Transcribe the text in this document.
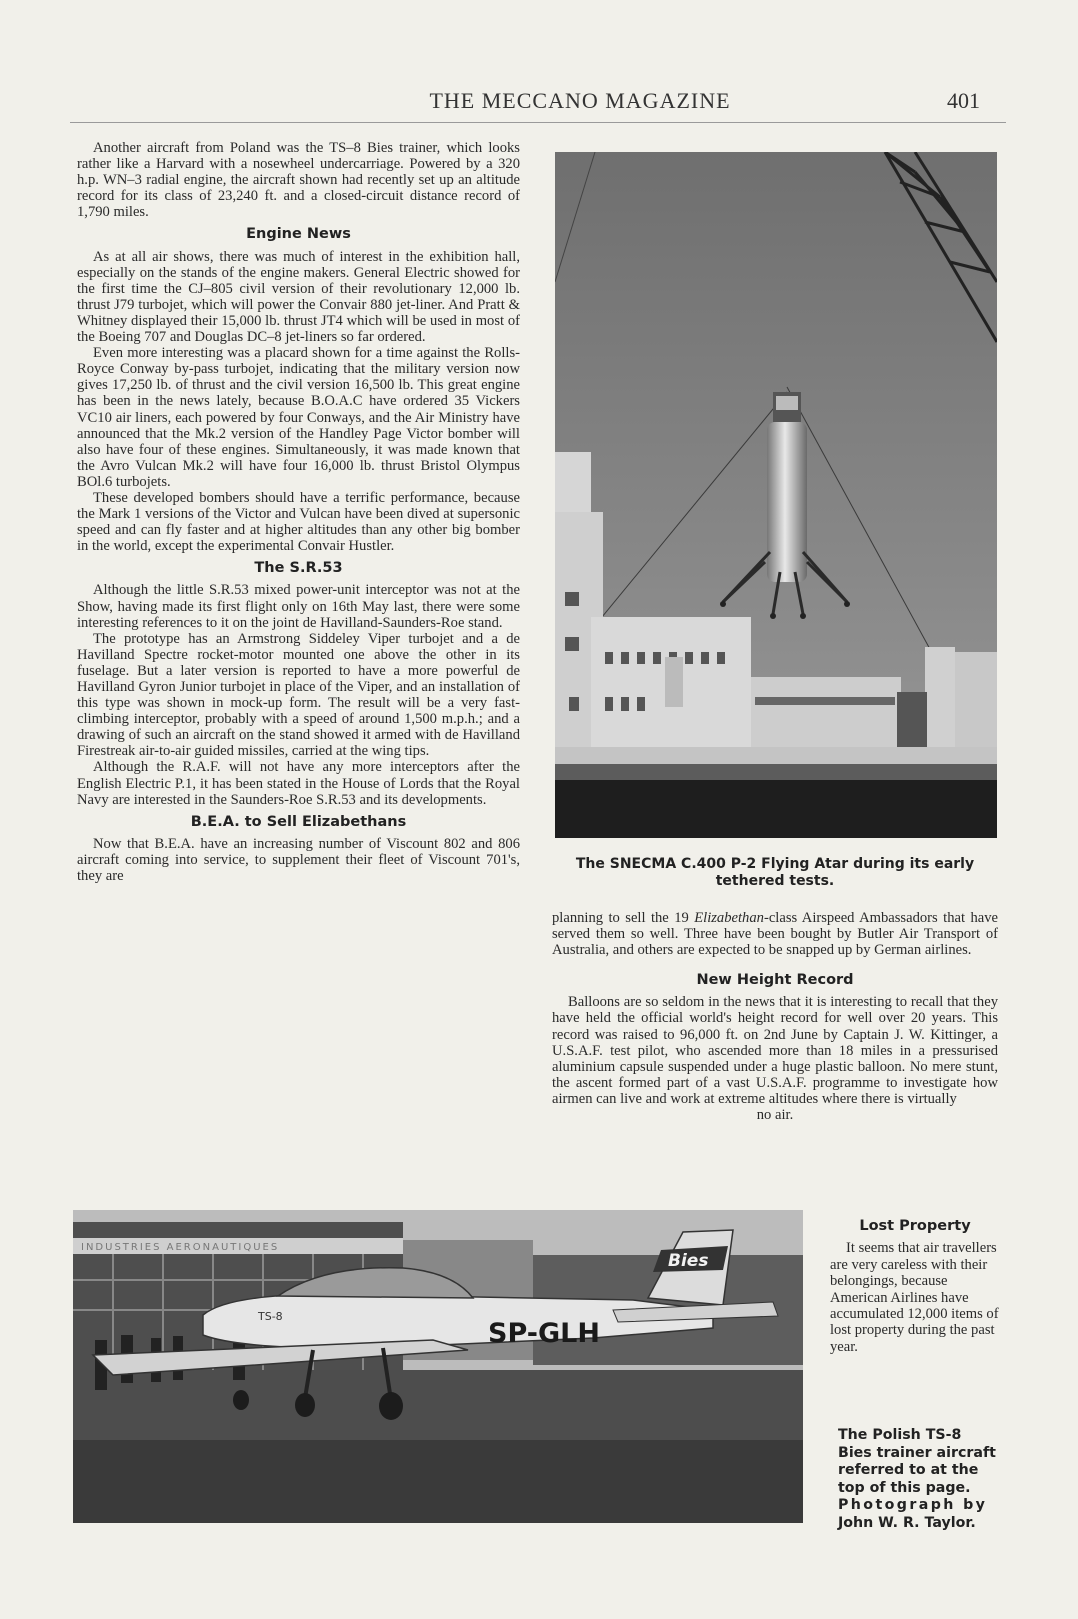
THE MECCANO MAGAZINE	401

Another aircraft from Poland was the TS–8 Bies trainer, which looks rather like a Harvard with a nosewheel undercarriage. Powered by a 320 h.p. WN–3 radial engine, the aircraft shown had recently set up an altitude record for its class of 23,240 ft. and a closed-circuit distance record of 1,790 miles.

Engine News

As at all air shows, there was much of interest in the exhibition hall, especially on the stands of the engine makers. General Electric showed for the first time the CJ–805 civil version of their revolutionary 12,000 lb. thrust J79 turbojet, which will power the Convair 880 jet-liner. And Pratt & Whitney displayed their 15,000 lb. thrust JT4 which will be used in most of the Boeing 707 and Douglas DC–8 jet-liners so far ordered.

Even more interesting was a placard shown for a time against the Rolls-Royce Conway by-pass turbojet, indicating that the military version now gives 17,250 lb. of thrust and the civil version 16,500 lb. This great engine has been in the news lately, because B.O.A.C have ordered 35 Vickers VC10 air liners, each powered by four Conways, and the Air Ministry have announced that the Mk.2 version of the Handley Page Victor bomber will also have four of these engines. Simultaneously, it was made known that the Avro Vulcan Mk.2 will have four 16,000 lb. thrust Bristol Olympus BOl.6 turbojets.

These developed bombers should have a terrific performance, because the Mark 1 versions of the Victor and Vulcan have been dived at supersonic speed and can fly faster and at higher altitudes than any other big bomber in the world, except the experimental Convair Hustler.

The S.R.53

Although the little S.R.53 mixed power-unit interceptor was not at the Show, having made its first flight only on 16th May last, there were some interesting references to it on the joint de Havilland-Saunders-Roe stand.

The prototype has an Armstrong Siddeley Viper turbojet and a de Havilland Spectre rocket-motor mounted one above the other in its fuselage. But a later version is reported to have a more powerful de Havilland Gyron Junior turbojet in place of the Viper, and an installation of this type was shown in mock-up form. The result will be a very fast-climbing interceptor, probably with a speed of around 1,500 m.p.h.; and a drawing of such an aircraft on the stand showed it armed with de Havilland Firestreak air-to-air guided missiles, carried at the wing tips.

Although the R.A.F. will not have any more interceptors after the English Electric P.1, it has been stated in the House of Lords that the Royal Navy are interested in the Saunders-Roe S.R.53 and its developments.

B.E.A. to Sell Elizabethans

Now that B.E.A. have an increasing number of Viscount 802 and 806 aircraft coming into service, to supplement their fleet of Viscount 701's, they are

The SNECMA C.400 P-2 Flying Atar during its early tethered tests.

planning to sell the 19 Elizabethan-class Airspeed Ambassadors that have served them so well. Three have been bought by Butler Air Transport of Australia, and others are expected to be snapped up by German airlines.

New Height Record

Balloons are so seldom in the news that it is interesting to recall that they have held the official world's height record for well over 20 years. This record was raised to 96,000 ft. on 2nd June by Captain J. W. Kittinger, a U.S.A.F. test pilot, who ascended more than 18 miles in a pressurised aluminium capsule suspended under a huge plastic balloon. No mere stunt, the ascent formed part of a vast U.S.A.F. programme to investigate how airmen can live and work at extreme altitudes where there is virtually

no air.

INDUSTRIES AERONAUTIQUES
Bies
SP-GLH
TS-8
Lost Property

It seems that air travellers are very careless with their belongings, because American Airlines have accumulated 12,000 items of lost property during the past year.

The Polish TS-8
Bies trainer aircraft
referred to at the
top of this page.
Photograph by
John W. R. Taylor.
